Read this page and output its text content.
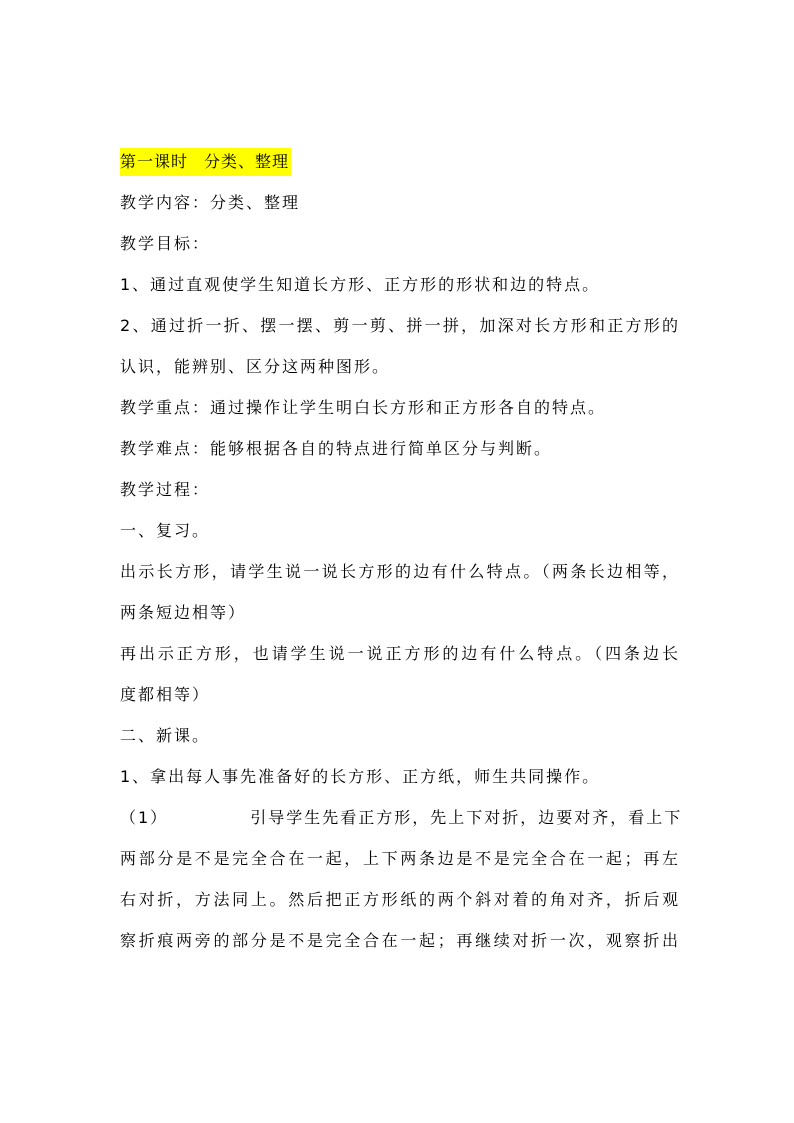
第一课时 分类、整理
教学内容：分类、整理
教学目标：
1、通过直观使学生知道长方形、正方形的形状和边的特点。
2、通过折一折、摆一摆、剪一剪、拼一拼，加深对长方形和正方形的
认识，能辨别、区分这两种图形。
教学重点：通过操作让学生明白长方形和正方形各自的特点。
教学难点：能够根据各自的特点进行简单区分与判断。
教学过程：
一、复习。
出示长方形，请学生说一说长方形的边有什么特点。（两条长边相等，
两条短边相等）
再出示正方形，也请学生说一说正方形的边有什么特点。（四条边长
度都相等）
二、新课。
1、拿出每人事先准备好的长方形、正方纸，师生共同操作。
（1）	引导学生先看正方形，先上下对折，边要对齐，看上下
两部分是不是完全合在一起，上下两条边是不是完全合在一起；再左
右对折，方法同上。然后把正方形纸的两个斜对着的角对齐，折后观
察折痕两旁的部分是不是完全合在一起；再继续对折一次，观察折出
